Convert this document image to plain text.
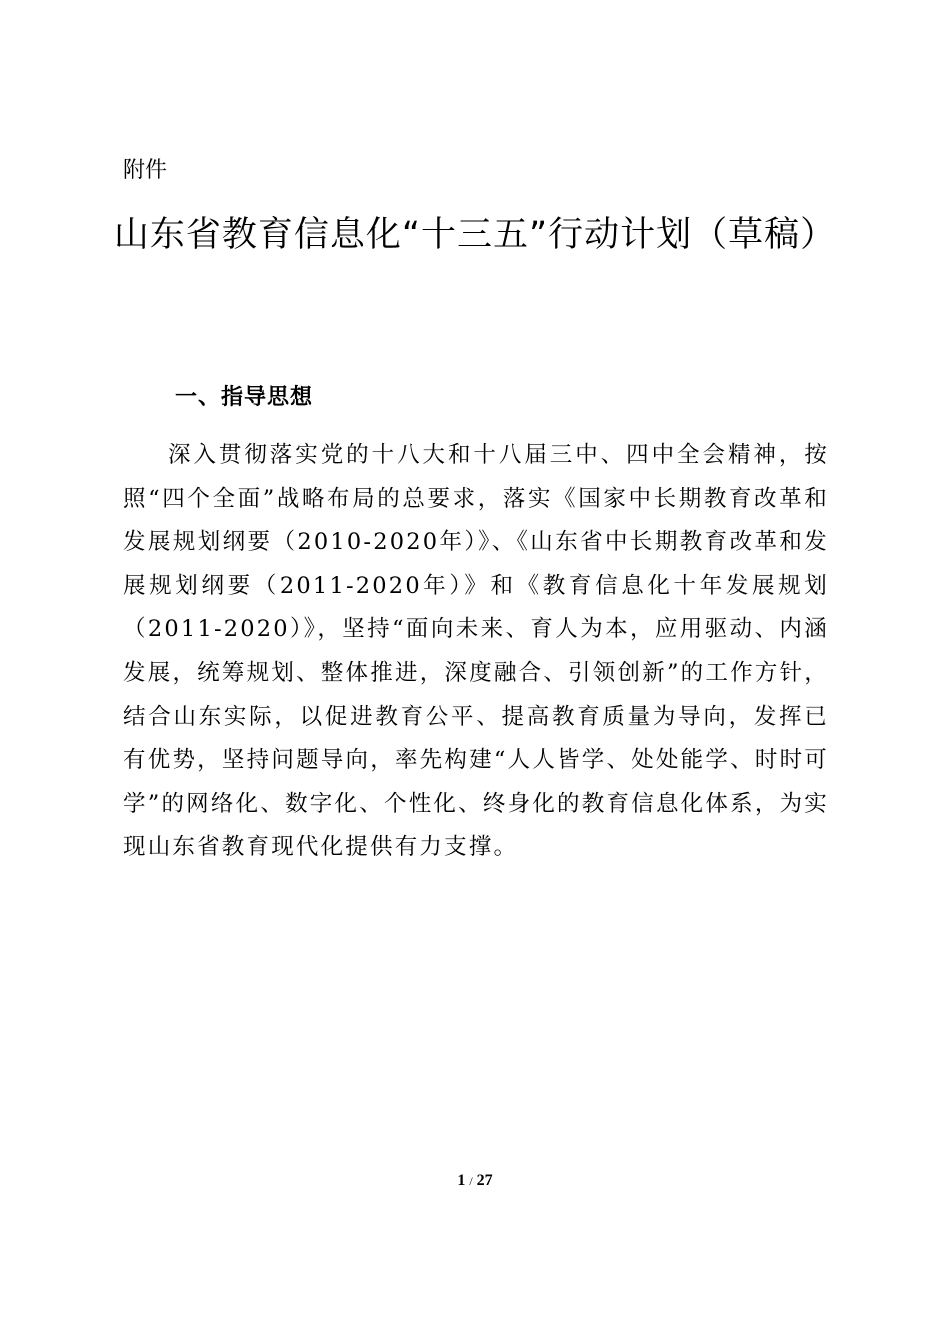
附件
山东省教育信息化“十三五”行动计划（草稿）
一、指导思想

深入贯彻落实党的十八大和十八届三中、四中全会精神，按照“四个全面”战略布局的总要求，落实《国家中长期教育改革和发展规划纲要（2010-2020年）》、《山东省中长期教育改革和发展规划纲要（2011-2020年）》和《教育信息化十年发展规划（2011-2020）》，坚持“面向未来、育人为本，应用驱动、内涵发展，统筹规划、整体推进，深度融合、引领创新”的工作方针，结合山东实际，以促进教育公平、提高教育质量为导向，发挥已有优势，坚持问题导向，率先构建“人人皆学、处处能学、时时可学”的网络化、数字化、个性化、终身化的教育信息化体系，为实现山东省教育现代化提供有力支撑。

1 / 27
